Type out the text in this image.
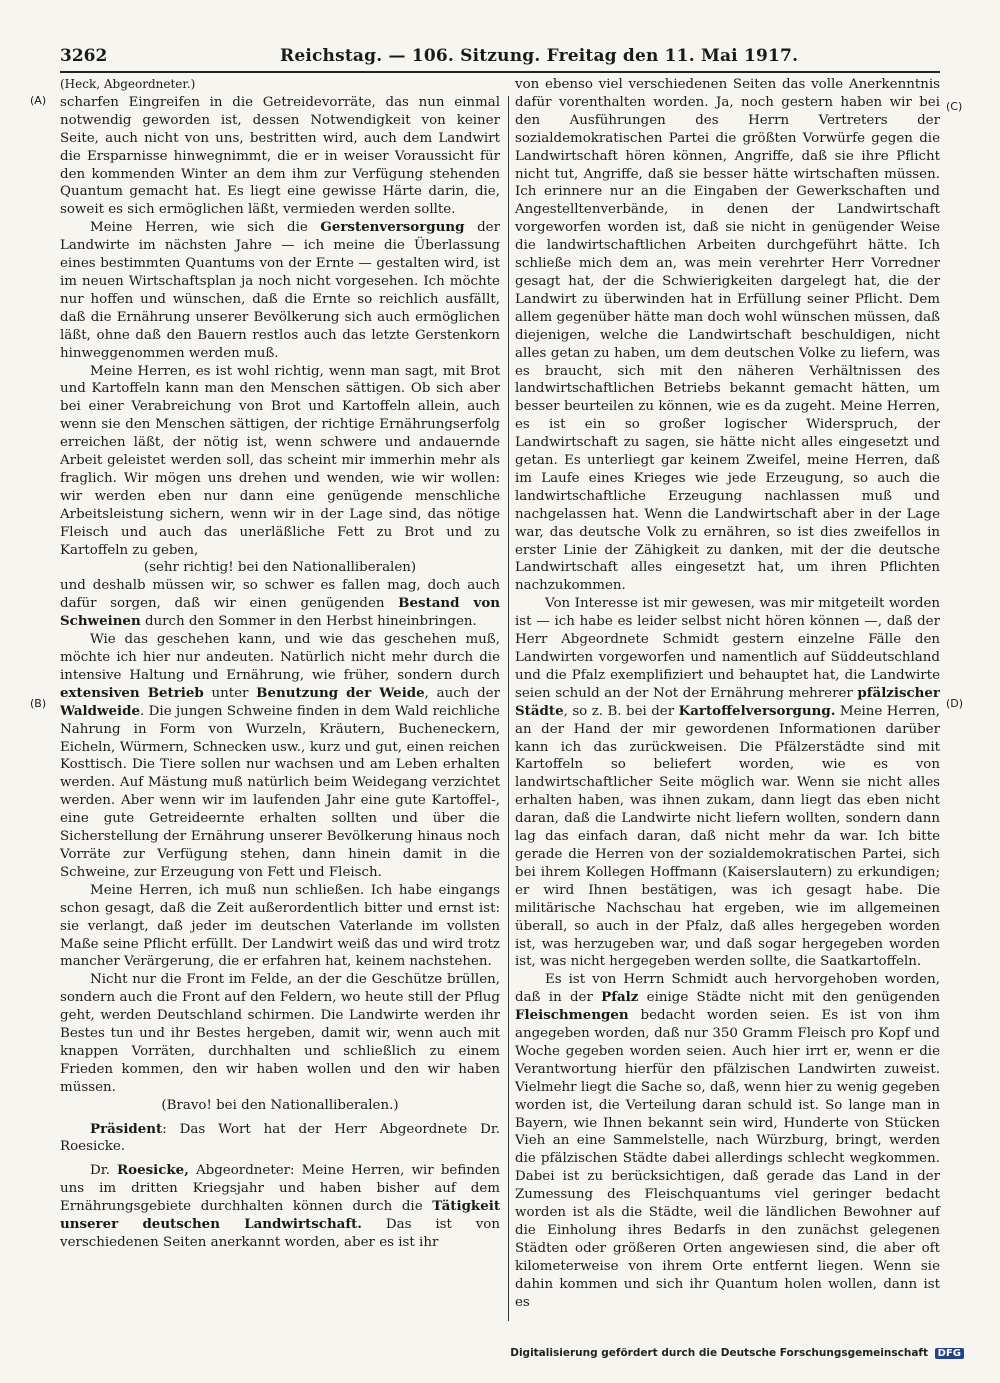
3262	Reichstag. — 106. Sitzung. Freitag den 11. Mai 1917.
(A)
(B)
(C)
(D)

(Heck, Abgeordneter.)

scharfen Eingreifen in die Getreidevorräte, das nun einmal notwendig geworden ist, dessen Notwendigkeit von keiner Seite, auch nicht von uns, bestritten wird, auch dem Landwirt die Ersparnisse hinwegnimmt, die er in weiser Voraussicht für den kommenden Winter an dem ihm zur Verfügung stehenden Quantum gemacht hat. Es liegt eine gewisse Härte darin, die, soweit es sich ermöglichen läßt, vermieden werden sollte.

Meine Herren, wie sich die Gerstenversorgung der Landwirte im nächsten Jahre — ich meine die Überlassung eines bestimmten Quantums von der Ernte — gestalten wird, ist im neuen Wirtschaftsplan ja noch nicht vorgesehen. Ich möchte nur hoffen und wünschen, daß die Ernte so reichlich ausfällt, daß die Ernährung unserer Bevölkerung sich auch ermöglichen läßt, ohne daß den Bauern restlos auch das letzte Gerstenkorn hinweggenommen werden muß.

Meine Herren, es ist wohl richtig, wenn man sagt, mit Brot und Kartoffeln kann man den Menschen sättigen. Ob sich aber bei einer Verabreichung von Brot und Kartoffeln allein, auch wenn sie den Menschen sättigen, der richtige Ernährungserfolg erreichen läßt, der nötig ist, wenn schwere und andauernde Arbeit geleistet werden soll, das scheint mir immerhin mehr als fraglich. Wir mögen uns drehen und wenden, wie wir wollen: wir werden eben nur dann eine genügende menschliche Arbeitsleistung sichern, wenn wir in der Lage sind, das nötige Fleisch und auch das unerläßliche Fett zu Brot und zu Kartoffeln zu geben,

(sehr richtig! bei den Nationalliberalen)

und deshalb müssen wir, so schwer es fallen mag, doch auch dafür sorgen, daß wir einen genügenden Bestand von Schweinen durch den Sommer in den Herbst hineinbringen.

Wie das geschehen kann, und wie das geschehen muß, möchte ich hier nur andeuten. Natürlich nicht mehr durch die intensive Haltung und Ernährung, wie früher, sondern durch extensiven Betrieb unter Benutzung der Weide, auch der Waldweide. Die jungen Schweine finden in dem Wald reichliche Nahrung in Form von Wurzeln, Kräutern, Bucheneckern, Eicheln, Würmern, Schnecken usw., kurz und gut, einen reichen Kosttisch. Die Tiere sollen nur wachsen und am Leben erhalten werden. Auf Mästung muß natürlich beim Weidegang verzichtet werden. Aber wenn wir im laufenden Jahr eine gute Kartoffel-, eine gute Getreideernte erhalten sollten und über die Sicherstellung der Ernährung unserer Bevölkerung hinaus noch Vorräte zur Verfügung stehen, dann hinein damit in die Schweine, zur Erzeugung von Fett und Fleisch.

Meine Herren, ich muß nun schließen. Ich habe eingangs schon gesagt, daß die Zeit außerordentlich bitter und ernst ist: sie verlangt, daß jeder im deutschen Vaterlande im vollsten Maße seine Pflicht erfüllt. Der Landwirt weiß das und wird trotz mancher Verärgerung, die er erfahren hat, keinem nachstehen.

Nicht nur die Front im Felde, an der die Geschütze brüllen, sondern auch die Front auf den Feldern, wo heute still der Pflug geht, werden Deutschland schirmen. Die Landwirte werden ihr Bestes tun und ihr Bestes hergeben, damit wir, wenn auch mit knappen Vorräten, durchhalten und schließlich zu einem Frieden kommen, den wir haben wollen und den wir haben müssen.

(Bravo! bei den Nationalliberalen.)

Präsident: Das Wort hat der Herr Abgeordnete Dr. Roesicke.

Dr. Roesicke, Abgeordneter: Meine Herren, wir befinden uns im dritten Kriegsjahr und haben bisher auf dem Ernährungsgebiete durchhalten können durch die Tätigkeit unserer deutschen Landwirtschaft. Das ist von verschiedenen Seiten anerkannt worden, aber es ist ihr

von ebenso viel verschiedenen Seiten das volle Anerkenntnis dafür vorenthalten worden. Ja, noch gestern haben wir bei den Ausführungen des Herrn Vertreters der sozialdemokratischen Partei die größten Vorwürfe gegen die Landwirtschaft hören können, Angriffe, daß sie ihre Pflicht nicht tut, Angriffe, daß sie besser hätte wirtschaften müssen. Ich erinnere nur an die Eingaben der Gewerkschaften und Angestelltenverbände, in denen der Landwirtschaft vorgeworfen worden ist, daß sie nicht in genügender Weise die landwirtschaftlichen Arbeiten durchgeführt hätte. Ich schließe mich dem an, was mein verehrter Herr Vorredner gesagt hat, der die Schwierigkeiten dargelegt hat, die der Landwirt zu überwinden hat in Erfüllung seiner Pflicht. Dem allem gegenüber hätte man doch wohl wünschen müssen, daß diejenigen, welche die Landwirtschaft beschuldigen, nicht alles getan zu haben, um dem deutschen Volke zu liefern, was es braucht, sich mit den näheren Verhältnissen des landwirtschaftlichen Betriebs bekannt gemacht hätten, um besser beurteilen zu können, wie es da zugeht. Meine Herren, es ist ein so großer logischer Widerspruch, der Landwirtschaft zu sagen, sie hätte nicht alles eingesetzt und getan. Es unterliegt gar keinem Zweifel, meine Herren, daß im Laufe eines Krieges wie jede Erzeugung, so auch die landwirtschaftliche Erzeugung nachlassen muß und nachgelassen hat. Wenn die Landwirtschaft aber in der Lage war, das deutsche Volk zu ernähren, so ist dies zweifellos in erster Linie der Zähigkeit zu danken, mit der die deutsche Landwirtschaft alles eingesetzt hat, um ihren Pflichten nachzukommen.

Von Interesse ist mir gewesen, was mir mitgeteilt worden ist — ich habe es leider selbst nicht hören können —, daß der Herr Abgeordnete Schmidt gestern einzelne Fälle den Landwirten vorgeworfen und namentlich auf Süddeutschland und die Pfalz exemplifiziert und behauptet hat, die Landwirte seien schuld an der Not der Ernährung mehrerer pfälzischer Städte, so z. B. bei der Kartoffelversorgung. Meine Herren, an der Hand der mir gewordenen Informationen darüber kann ich das zurückweisen. Die Pfälzerstädte sind mit Kartoffeln so beliefert worden, wie es von landwirtschaftlicher Seite möglich war. Wenn sie nicht alles erhalten haben, was ihnen zukam, dann liegt das eben nicht daran, daß die Landwirte nicht liefern wollten, sondern dann lag das einfach daran, daß nicht mehr da war. Ich bitte gerade die Herren von der sozialdemokratischen Partei, sich bei ihrem Kollegen Hoffmann (Kaiserslautern) zu erkundigen; er wird Ihnen bestätigen, was ich gesagt habe. Die militärische Nachschau hat ergeben, wie im allgemeinen überall, so auch in der Pfalz, daß alles hergegeben worden ist, was herzugeben war, und daß sogar hergegeben worden ist, was nicht hergegeben werden sollte, die Saatkartoffeln.

Es ist von Herrn Schmidt auch hervorgehoben worden, daß in der Pfalz einige Städte nicht mit den genügenden Fleischmengen bedacht worden seien. Es ist von ihm angegeben worden, daß nur 350 Gramm Fleisch pro Kopf und Woche gegeben worden seien. Auch hier irrt er, wenn er die Verantwortung hierfür den pfälzischen Landwirten zuweist. Vielmehr liegt die Sache so, daß, wenn hier zu wenig gegeben worden ist, die Verteilung daran schuld ist. So lange man in Bayern, wie Ihnen bekannt sein wird, Hunderte von Stücken Vieh an eine Sammelstelle, nach Würzburg, bringt, werden die pfälzischen Städte dabei allerdings schlecht wegkommen. Dabei ist zu berücksichtigen, daß gerade das Land in der Zumessung des Fleischquantums viel geringer bedacht worden ist als die Städte, weil die ländlichen Bewohner auf die Einholung ihres Bedarfs in den zunächst gelegenen Städten oder größeren Orten angewiesen sind, die aber oft kilometerweise von ihrem Orte entfernt liegen. Wenn sie dahin kommen und sich ihr Quantum holen wollen, dann ist es

Digitalisierung gefördert durch die Deutsche Forschungsgemeinschaft DFG
